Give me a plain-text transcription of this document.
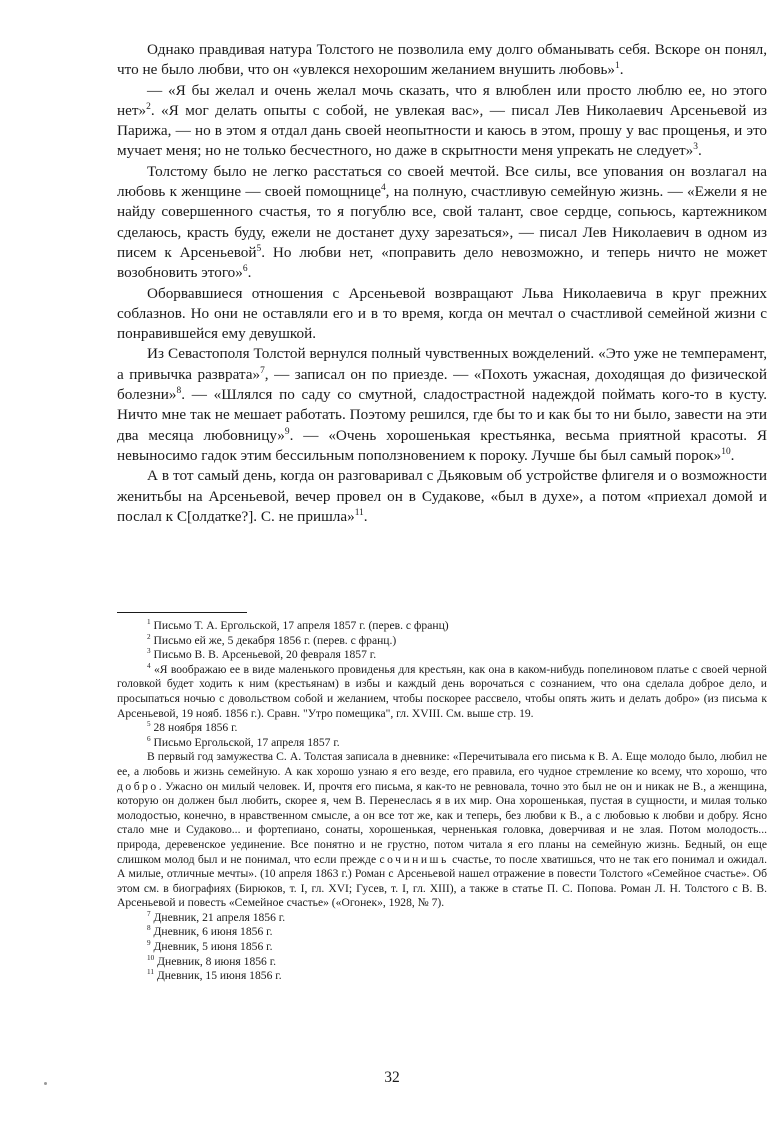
Однако правдивая натура Толстого не позволила ему долго обманывать себя. Вскоре он понял, что не было любви, что он «увлекся нехорошим желанием внушить любовь»$^1$.

— «Я бы желал и очень желал мочь сказать, что я влюблен или просто люблю ее, но этого нет»$^2$. «Я мог делать опыты с собой, не увлекая вас», — писал Лев Николаевич Арсеньевой из Парижа, — но в этом я отдал дань своей неопытности и каюсь в этом, прошу у вас прощенья, и это мучает меня; но не только бесчестного, но даже в скрытности меня упрекать не следует»$^3$.

Толстому было не легко расстаться со своей мечтой. Все силы, все упования он возлагал на любовь к женщине — своей помощнице$^4$, на полную, счастливую семейную жизнь. — «Ежели я не найду совершенного счастья, то я погублю все, свой талант, свое сердце, сопьюсь, картежником сделаюсь, красть буду, ежели не достанет духу зарезаться», — писал Лев Николаевич в одном из писем к Арсеньевой$^5$. Но любви нет, «поправить дело невозможно, и теперь ничто не может возобновить этого»$^6$.

Оборвавшиеся отношения с Арсеньевой возвращают Льва Николаевича в круг прежних соблазнов. Но они не оставляли его и в то время, когда он мечтал о счастливой семейной жизни с понравившейся ему девушкой.

Из Севастополя Толстой вернулся полный чувственных вожделений. «Это уже не темперамент, а привычка разврата»$^7$, — записал он по приезде. — «Похоть ужасная, доходящая до физической болезни»$^8$. — «Шлялся по саду со смутной, сладострастной надеждой поймать кого-то в кусту. Ничто мне так не мешает работать. Поэтому решился, где бы то и как бы то ни было, завести на эти два месяца любовницу»$^9$. — «Очень хорошенькая крестьянка, весьма приятной красоты. Я невыносимо гадок этим бессильным поползновением к пороку. Лучше бы был самый порок»$^{10}$.

А в тот самый день, когда он разговаривал с Дьяковым об устройстве флигеля и о возможности женитьбы на Арсеньевой, вечер провел он в Судакове, «был в духе», а потом «приехал домой и послал к С[олдатке?]. С. не пришла»$^{11}$.

$^1$ Письмо Т. А. Ергольской, 17 апреля 1857 г. (перев. с франц)

$^2$ Письмо ей же, 5 декабря 1856 г. (перев. с франц.)

$^3$ Письмо В. В. Арсеньевой, 20 февраля 1857 г.

$^4$ «Я воображаю ее в виде маленького провиденья для крестьян, как она в каком-нибудь попелиновом платье с своей черной головкой будет ходить к ним (крестьянам) в избы и каждый день ворочаться с сознанием, что она сделала доброе дело, и просыпаться ночью с довольством собой и желанием, чтобы поскорее рассвело, чтобы опять жить и делать добро» (из письма к Арсеньевой, 19 нояб. 1856 г.). Сравн. "Утро помещика", гл. XVIII. См. выше стр. 19.

$^5$ 28 ноября 1856 г.

$^6$ Письмо Ергольской, 17 апреля 1857 г.

В первый год замужества С. А. Толстая записала в дневнике: «Перечитывала его письма к В. А. Еще молодо было, любил не ее, а любовь и жизнь семейную. А как хорошо узнаю я его везде, его правила, его чудное стремление ко всему, что хорошо, что добро. Ужасно он милый человек. И, прочтя его письма, я как-то не ревновала, точно это был не он и никак не В., а женщина, которую он должен был любить, скорее я, чем В. Перенеслась я в их мир. Она хорошенькая, пустая в сущности, и милая только молодостью, конечно, в нравственном смысле, а он все тот же, как и теперь, без любви к В., а с любовью к любви и добру. Ясно стало мне и Судаково... и фортепиано, сонаты, хорошенькая, черненькая головка, доверчивая и не злая. Потом молодость... природа, деревенское уединение. Все понятно и не грустно, потом читала я его планы на семейную жизнь. Бедный, он еще слишком молод был и не понимал, что если прежде сочинишь счастье, то после хватишься, что не так его понимал и ожидал. А милые, отличные мечты». (10 апреля 1863 г.) Роман с Арсеньевой нашел отражение в повести Толстого «Семейное счастье». Об этом см. в биографиях (Бирюков, т. I, гл. XVI; Гусев, т. I, гл. XIII), а также в статье П. С. Попова. Роман Л. Н. Толстого с В. В. Арсеньевой и повесть «Семейное счастье» («Огонек», 1928, № 7).

$^7$ Дневник, 21 апреля 1856 г.

$^8$ Дневник, 6 июня 1856 г.

$^9$ Дневник, 5 июня 1856 г.

$^{10}$ Дневник, 8 июня 1856 г.

$^{11}$ Дневник, 15 июня 1856 г.

32
